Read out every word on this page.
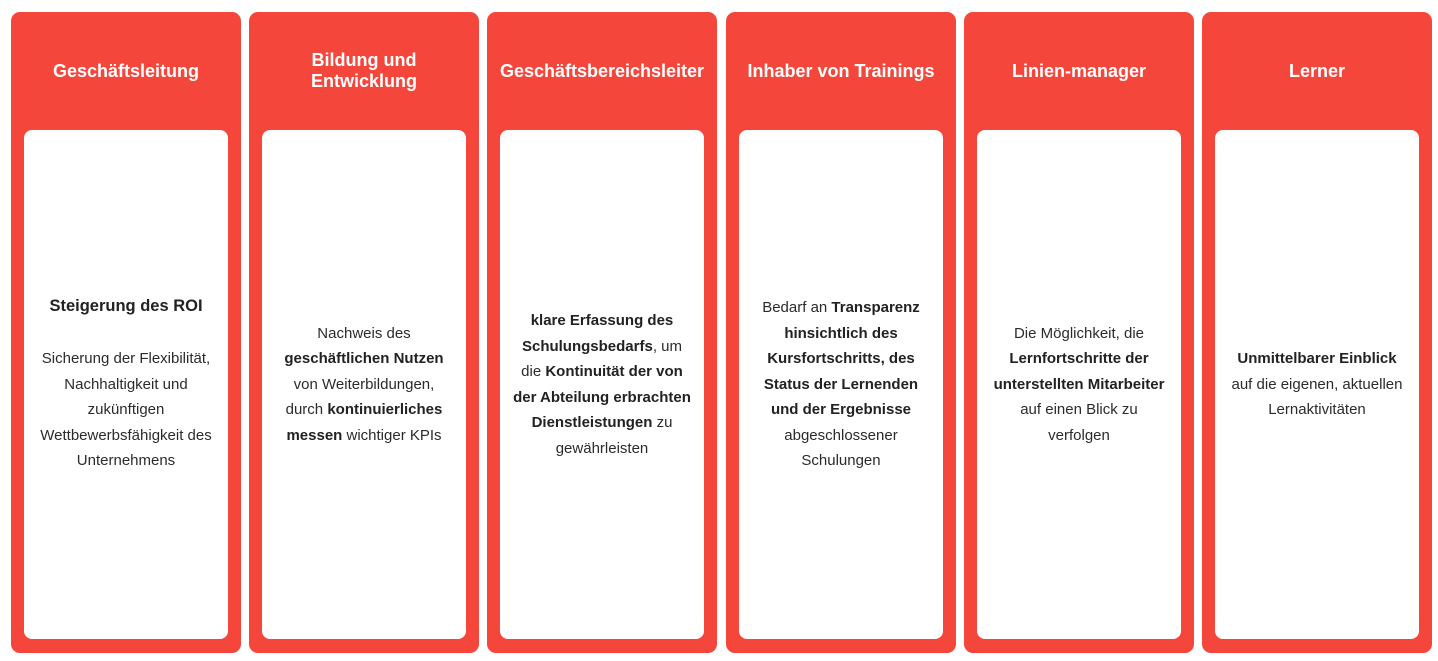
Geschäftsleitung
Steigerung des ROI
Sicherung der Flexibilität, Nachhaltigkeit und zukünftigen Wettbewerbsfähigkeit des Unternehmens
Bildung und Entwicklung
Nachweis des geschäftlichen Nutzen von Weiterbildungen, durch kontinuierliches messen wichtiger KPIs
Geschäftsbereichsleiter
klare Erfassung des Schulungsbedarfs, um die Kontinuität der von der Abteilung erbrachten Dienstleistungen zu gewährleisten
Inhaber von Trainings
Bedarf an Transparenz hinsichtlich des Kursfortschritts, des Status der Lernenden und der Ergebnisse abgeschlossener Schulungen
Linien-manager
Die Möglichkeit, die Lernfortschritte der unterstellten Mitarbeiter auf einen Blick zu verfolgen
Lerner
Unmittelbarer Einblick auf die eigenen, aktuellen Lernaktivitäten
